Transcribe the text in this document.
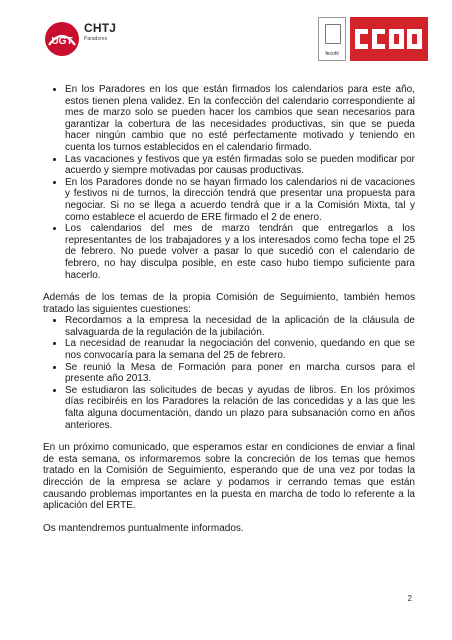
UGT
CHTJ
Paradores
fecohl
CCOO
• En los Paradores en los que están firmados los calendarios para este año, estos tienen plena validez. En la confección del calendario correspondiente al mes de marzo solo se pueden hacer los cambios que sean necesarios para garantizar la cobertura de las necesidades productivas, sin que se pueda hacer ningún cambio que no esté perfectamente motivado y teniendo en cuenta los turnos establecidos en el calendario firmado.
• Las vacaciones y festivos que ya estén firmadas solo se pueden modificar por acuerdo y siempre motivadas por causas productivas.
• En los Paradores donde no se hayan firmado los calendarios ni de vacaciones y festivos ni de turnos, la dirección tendrá que presentar una propuesta para negociar. Si no se llega a acuerdo tendrá que ir a la Comisión Mixta, tal y como establece el acuerdo de ERE firmado el 2 de enero.
• Los calendarios del mes de marzo tendrán que entregarlos a los representantes de los trabajadores y a los interesados como fecha tope el 25 de febrero. No puede volver a pasar lo que sucedió con el calendario de febrero, no hay disculpa posible, en este caso hubo tiempo suficiente para hacerlo.

Además de los temas de la propia Comisión de Seguimiento, también hemos tratado las siguientes cuestiones:

• Recordamos a la empresa la necesidad de la aplicación de la cláusula de salvaguarda de la regulación de la jubilación.
• La necesidad de reanudar la negociación del convenio, quedando en que se nos convocaría para la semana del 25 de febrero.
• Se reunió la Mesa de Formación para poner en marcha cursos para el presente año 2013.
• Se estudiaron las solicitudes de becas y ayudas de libros. En los próximos días recibiréis en los Paradores la relación de las concedidas y a las que les falta alguna documentación, dando un plazo para subsanación como en años anteriores.

En un próximo comunicado, que esperamos estar en condiciones de enviar a final de esta semana, os informaremos sobre la concreción de los temas que hemos tratado en la Comisión de Seguimiento, esperando que de una vez por todas la dirección de la empresa se aclare y podamos ir cerrando temas que están causando problemas importantes en la puesta en marcha de todo lo referente a la aplicación del ERTE.

Os mantendremos puntualmente informados.

2
